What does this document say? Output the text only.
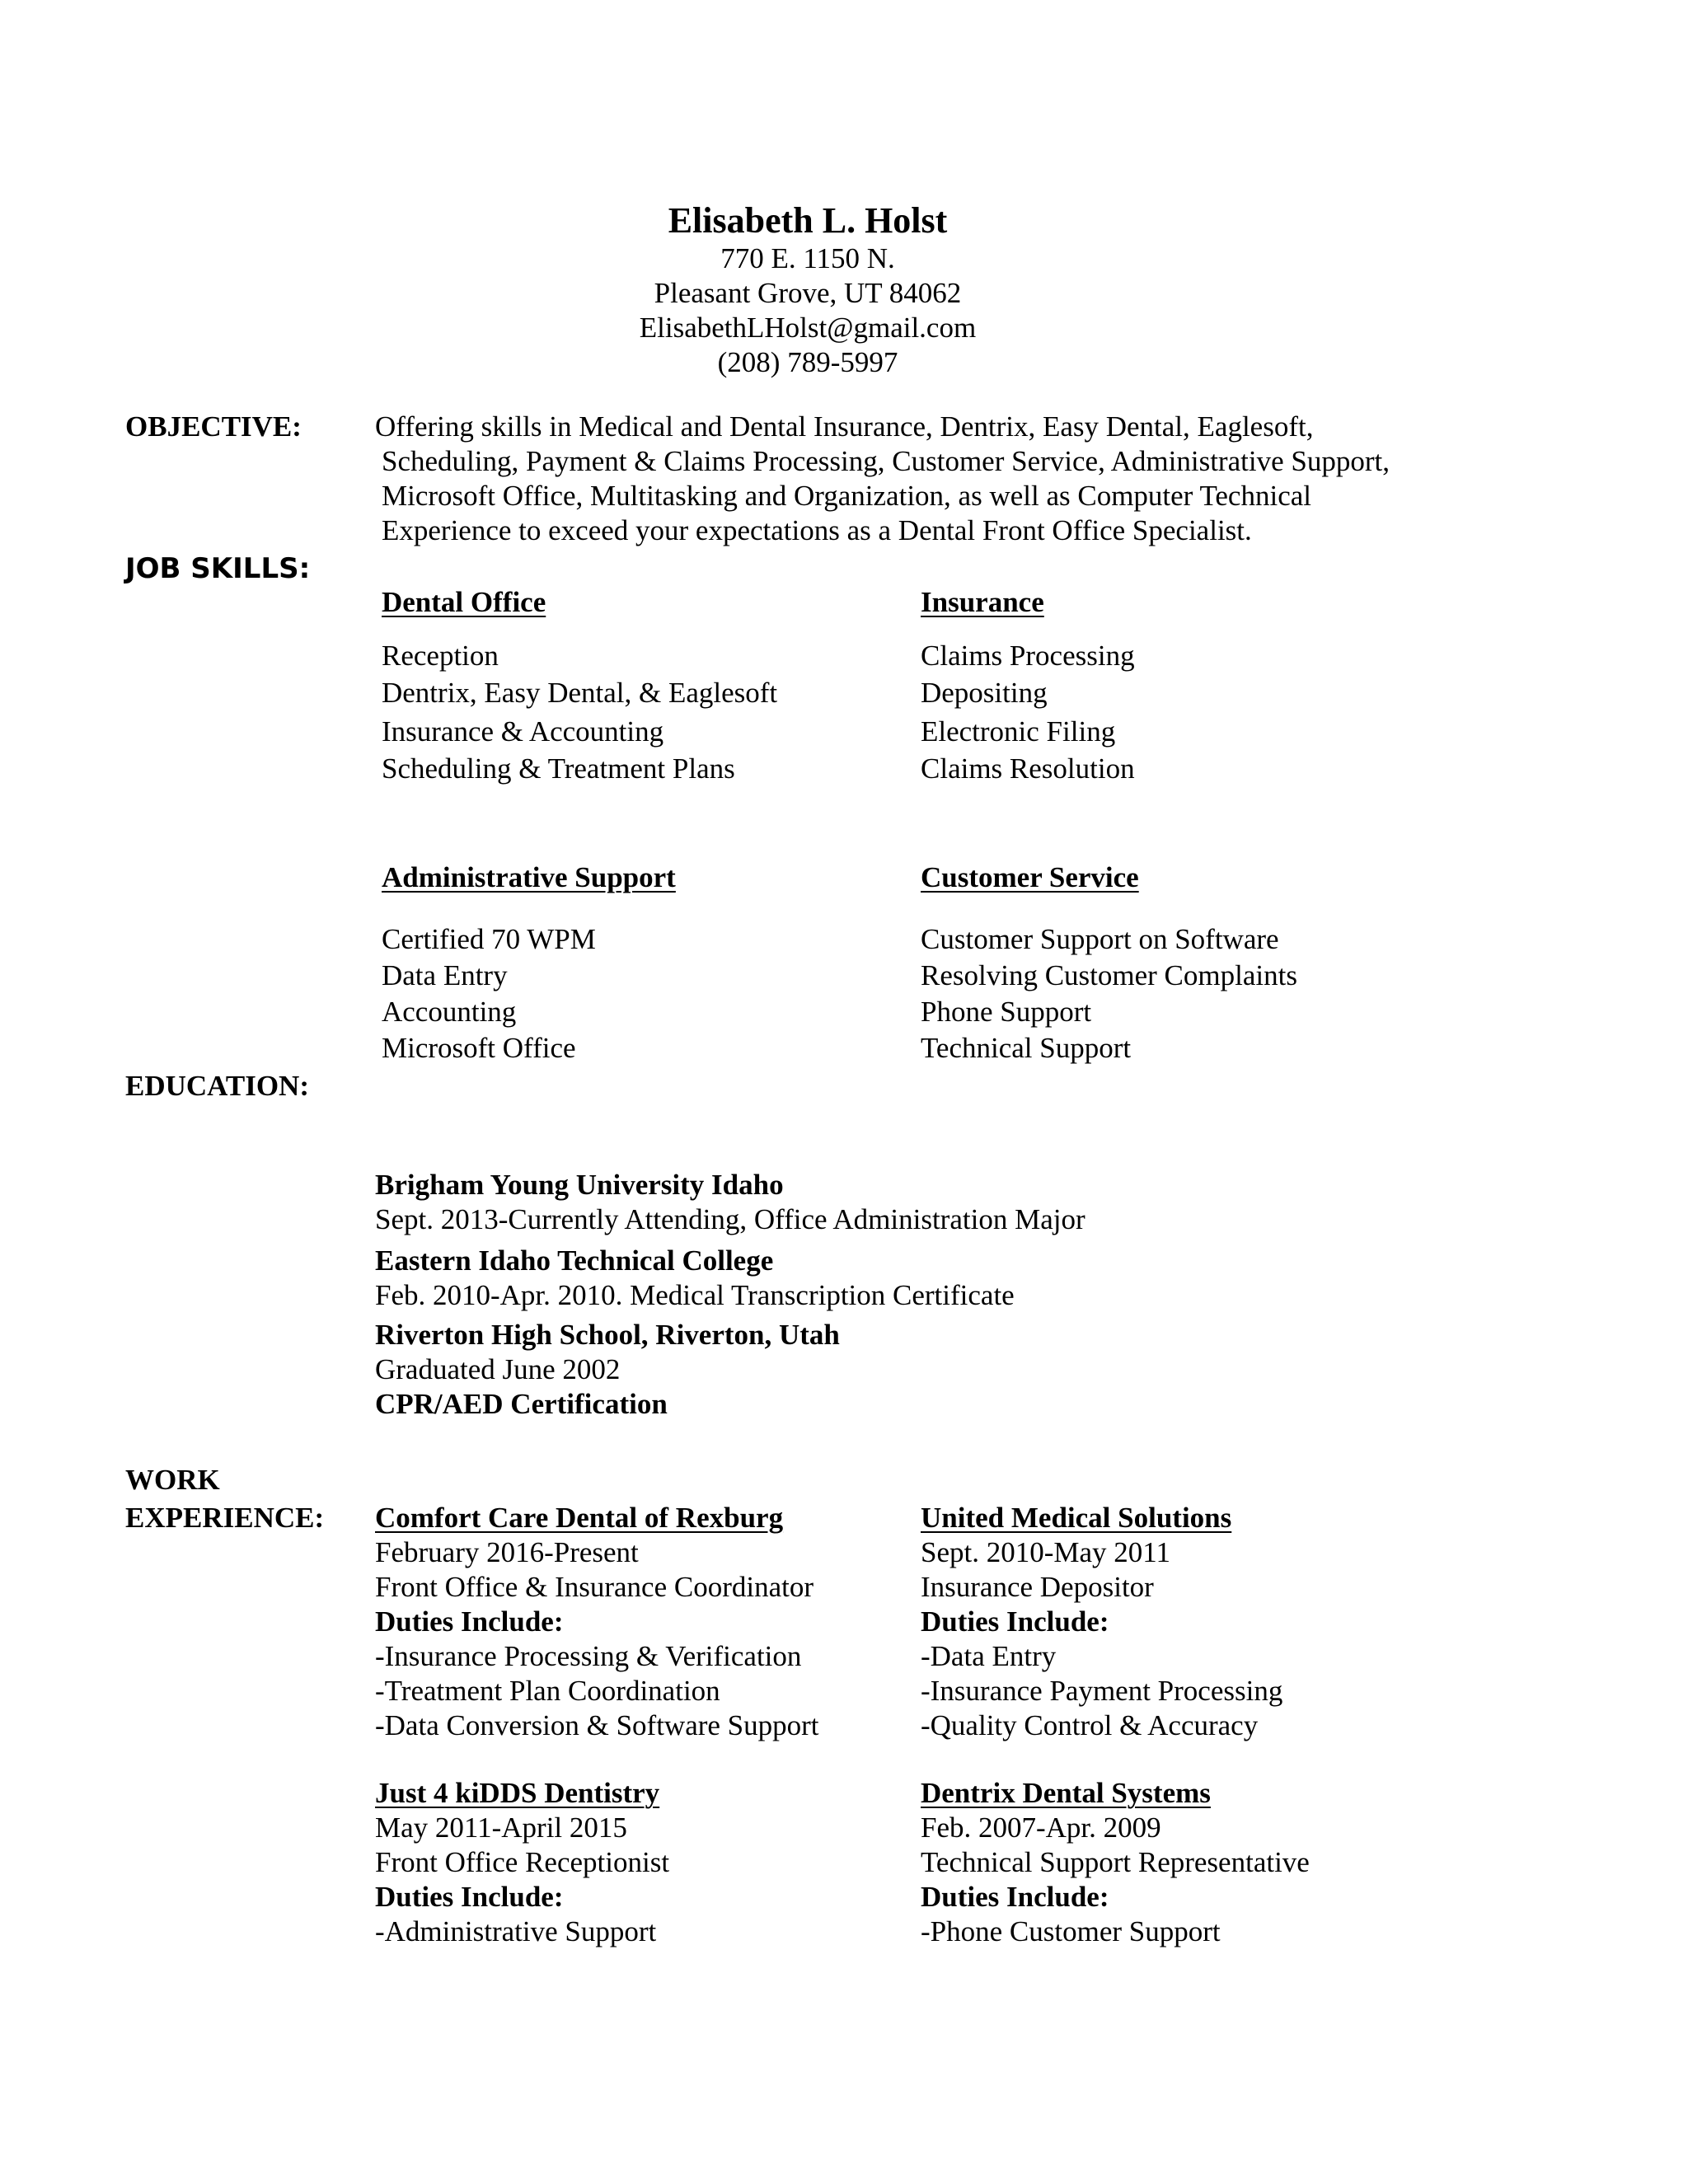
Elisabeth L. Holst
770 E. 1150 N.
Pleasant Grove, UT 84062
ElisabethLHolst@gmail.com
(208) 789-5997
OBJECTIVE:	Offering skills in Medical and Dental Insurance, Dentrix, Easy Dental, Eaglesoft,
Scheduling, Payment & Claims Processing, Customer Service, Administrative Support,
Microsoft Office, Multitasking and Organization, as well as Computer Technical
Experience to exceed your expectations as a Dental Front Office Specialist.
JOB SKILLS:
Dental Office
Reception
Dentrix, Easy Dental, & Eaglesoft
Insurance & Accounting
Scheduling & Treatment Plans
Insurance
Claims Processing
Depositing
Electronic Filing
Claims Resolution
Administrative Support
Certified 70 WPM
Data Entry
Accounting
Microsoft Office
Customer Service
Customer Support on Software
Resolving Customer Complaints
Phone Support
Technical Support
EDUCATION:
Brigham Young University Idaho
Sept. 2013-Currently Attending, Office Administration Major
Eastern Idaho Technical College
Feb. 2010-Apr. 2010. Medical Transcription Certificate
Riverton High School, Riverton, Utah
Graduated June 2002
CPR/AED Certification
WORK
EXPERIENCE: Comfort Care Dental of Rexburg
February 2016-Present
Front Office & Insurance Coordinator
Duties Include:
-Insurance Processing & Verification
-Treatment Plan Coordination
-Data Conversion & Software Support
United Medical Solutions
Sept. 2010-May 2011
Insurance Depositor
Duties Include:
-Data Entry
-Insurance Payment Processing
-Quality Control & Accuracy
Just 4 kiDDS Dentistry
May 2011-April 2015
Front Office Receptionist
Duties Include:
-Administrative Support
Dentrix Dental Systems
Feb. 2007-Apr. 2009
Technical Support Representative
Duties Include:
-Phone Customer Support
